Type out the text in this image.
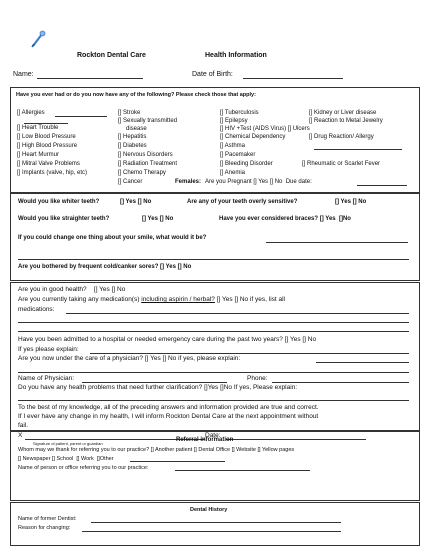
Rockton Dental Care	Health Information
Name:	Date of Birth:
Have you ever had or do you now have any of the following? Please check those that apply:
[] Allergies
[] Heart Trouble
[] Low Blood Pressure
[] High Blood Pressure
[] Heart Murmur
[] Mitral Valve Problems
[] Implants (valve, hip, etc)
[] Stroke
[] Sexually transmitted
disease
[] Hepatitis
[] Diabetes
[] Nervous Disorders
[] Radiation Treatment
[] Chemo Therapy
[] Cancer
[] Tuberculosis
[] Epilepsy
[] HIV +Test (AIDS Virus) [] Ulcers
[] Chemical Dependency
[] Asthma
[] Pacemaker
[] Bleeding Disorder
[] Anemia
[] Kidney or Liver disease
[] Reaction to Metal Jewelry
[] Drug Reaction/ Allergy
[] Rheumatic or Scarlet Fever
Females: Are you Pregnant [] Yes [] No  Due date:
Would you like whiter teeth?	[] Yes [] No	Are any of your teeth overly sensitive?	[] Yes [] No
Would you like straighter teeth?	[] Yes [] No	Have you ever considered braces? [] Yes  []No
If you could change one thing about your smile, what would it be?
Are you bothered by frequent cold/canker sores? [] Yes [] No
Are you in good health?    [] Yes [] No
Are you currently taking any medication(s) including aspirin / herbal? [] Yes [] No if yes, list all
medications:
Have you been admitted to a hospital or needed emergency care during the past two years? [] Yes [] No
If yes please explain:
Are you now under the care of a physician? [] Yes [] No if yes, please explain:
Name of Physician:	Phone:
Do you have any health problems that need further clarification? []Yes []No If yes, Please explain:
To the best of my knowledge, all of the preceding answers and information provided are true and correct.
If I ever have any change in my health, I will inform Rockton Dental Care at the next appointment without
fail.
X	Date:
Signature of patient, parent or guardian
Referral information
Whom may we thank for referring you to our practice? [] Another patient [] Dental Office [] Website [] Yellow pages
[] Newspaper [] School  [] Work  []Other
Name of person or office referring you to our practice:
Dental History
Name of former Dentist:
Reason for changing:
